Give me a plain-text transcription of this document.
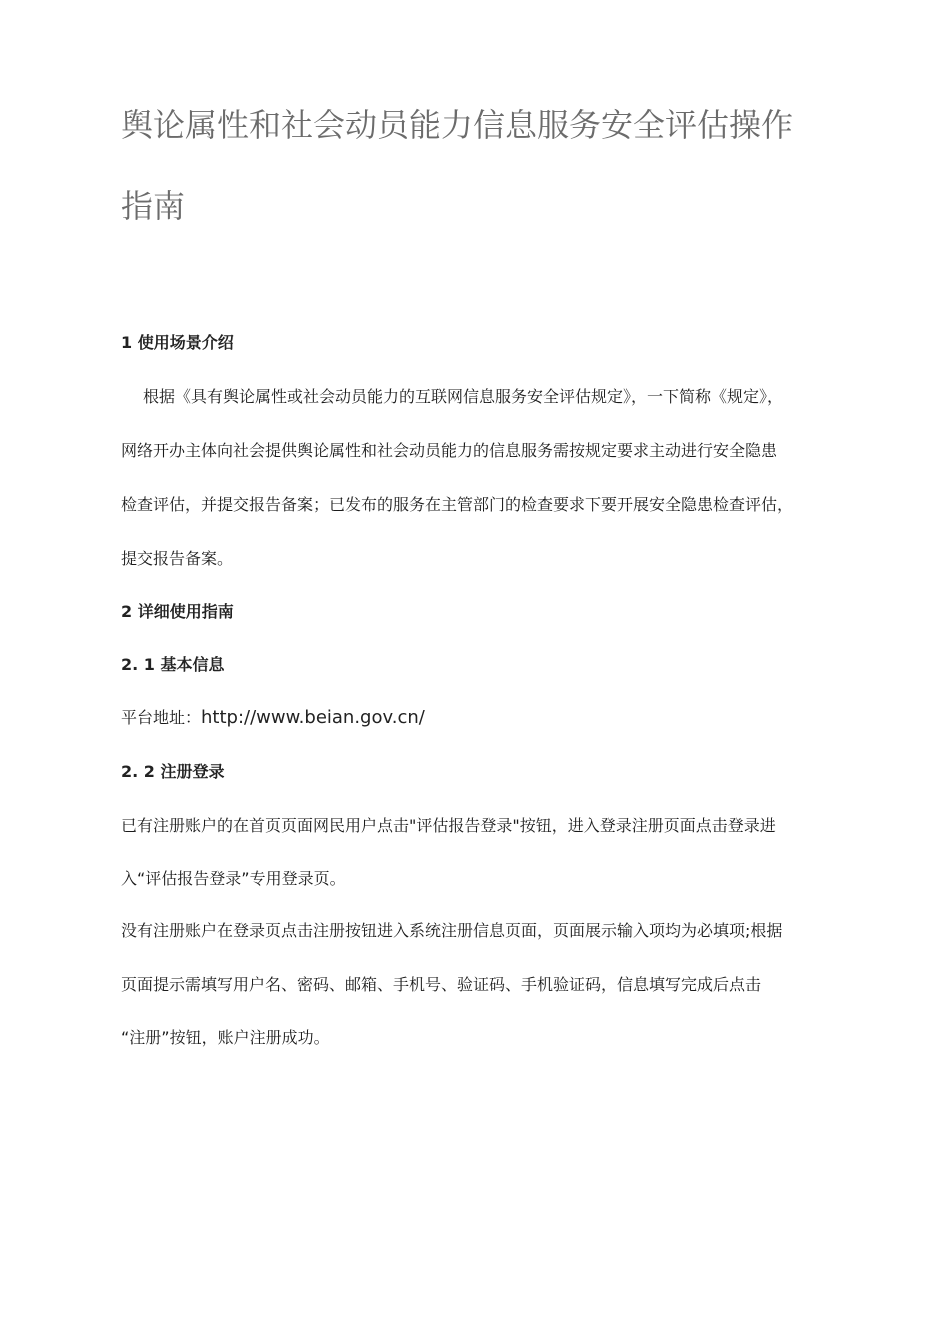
舆论属性和社会动员能力信息服务安全评估操作
指南

1 使用场景介绍

根据《具有舆论属性或社会动员能力的互联网信息服务安全评估规定》，一下简称《规定》，

网络开办主体向社会提供舆论属性和社会动员能力的信息服务需按规定要求主动进行安全隐患

检查评估，并提交报告备案；已发布的服务在主管部门的检查要求下要开展安全隐患检查评估，

提交报告备案。

2 详细使用指南

2. 1 基本信息

平台地址：http://www.beian.gov.cn/

2. 2 注册登录

已有注册账户的在首页页面网民用户点击"评估报告登录"按钮，进入登录注册页面点击登录进

入“评估报告登录”专用登录页。

没有注册账户在登录页点击注册按钮进入系统注册信息页面，页面展示输入项均为必填项;根据

页面提示需填写用户名、密码、邮箱、手机号、验证码、手机验证码，信息填写完成后点击

“注册”按钮，账户注册成功。
